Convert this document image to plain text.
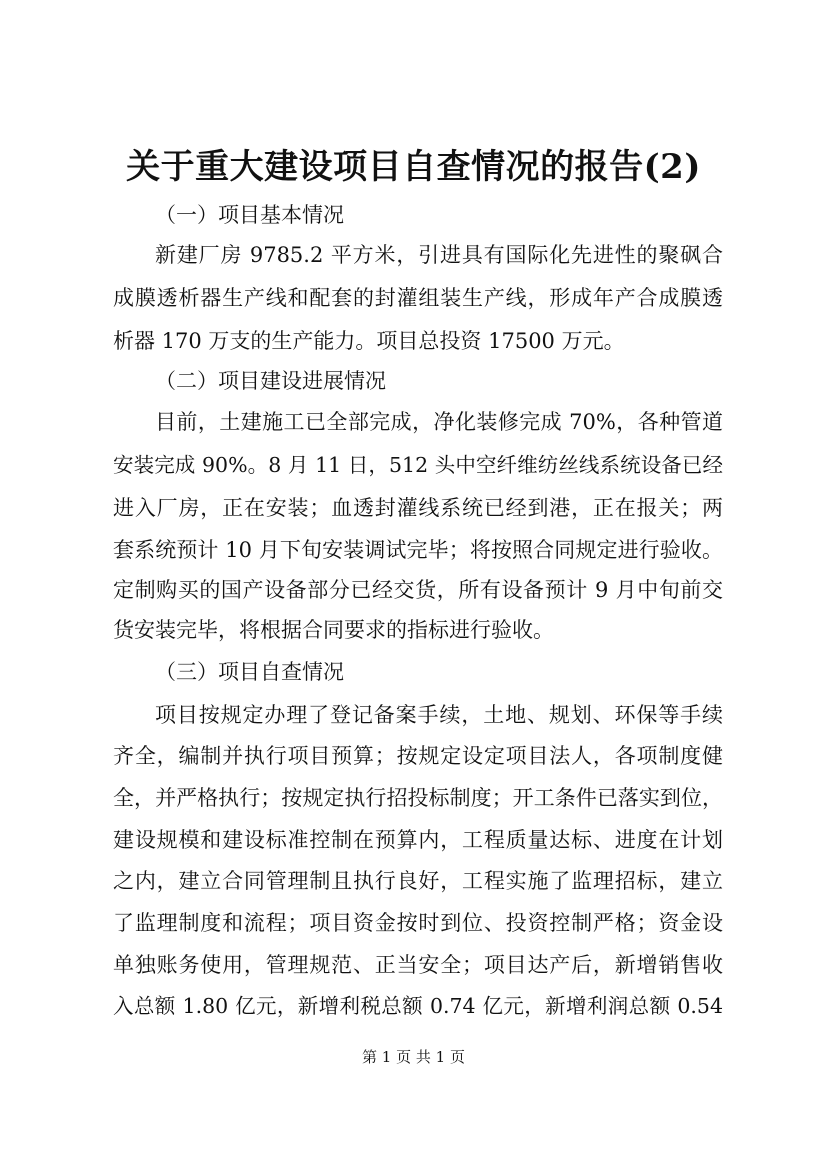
关于重大建设项目自查情况的报告(2)
（一）项目基本情况
新建厂房 9785.2 平方米，引进具有国际化先进性的聚砜合
成膜透析器生产线和配套的封灌组装生产线，形成年产合成膜透
析器 170 万支的生产能力。项目总投资 17500 万元。
（二）项目建设进展情况
目前，土建施工已全部完成，净化装修完成 70%，各种管道
安装完成 90%。8 月 11 日，512 头中空纤维纺丝线系统设备已经
进入厂房，正在安装；血透封灌线系统已经到港，正在报关；两
套系统预计 10 月下旬安装调试完毕；将按照合同规定进行验收。
定制购买的国产设备部分已经交货，所有设备预计 9 月中旬前交
货安装完毕，将根据合同要求的指标进行验收。
（三）项目自查情况
项目按规定办理了登记备案手续，土地、规划、环保等手续
齐全，编制并执行项目预算；按规定设定项目法人，各项制度健
全，并严格执行；按规定执行招投标制度；开工条件已落实到位，
建设规模和建设标准控制在预算内，工程质量达标、进度在计划
之内，建立合同管理制且执行良好，工程实施了监理招标，建立
了监理制度和流程；项目资金按时到位、投资控制严格；资金设
单独账务使用，管理规范、正当安全；项目达产后，新增销售收
入总额 1.80 亿元，新增利税总额 0.74 亿元，新增利润总额 0.54
第 1 页 共 1 页
